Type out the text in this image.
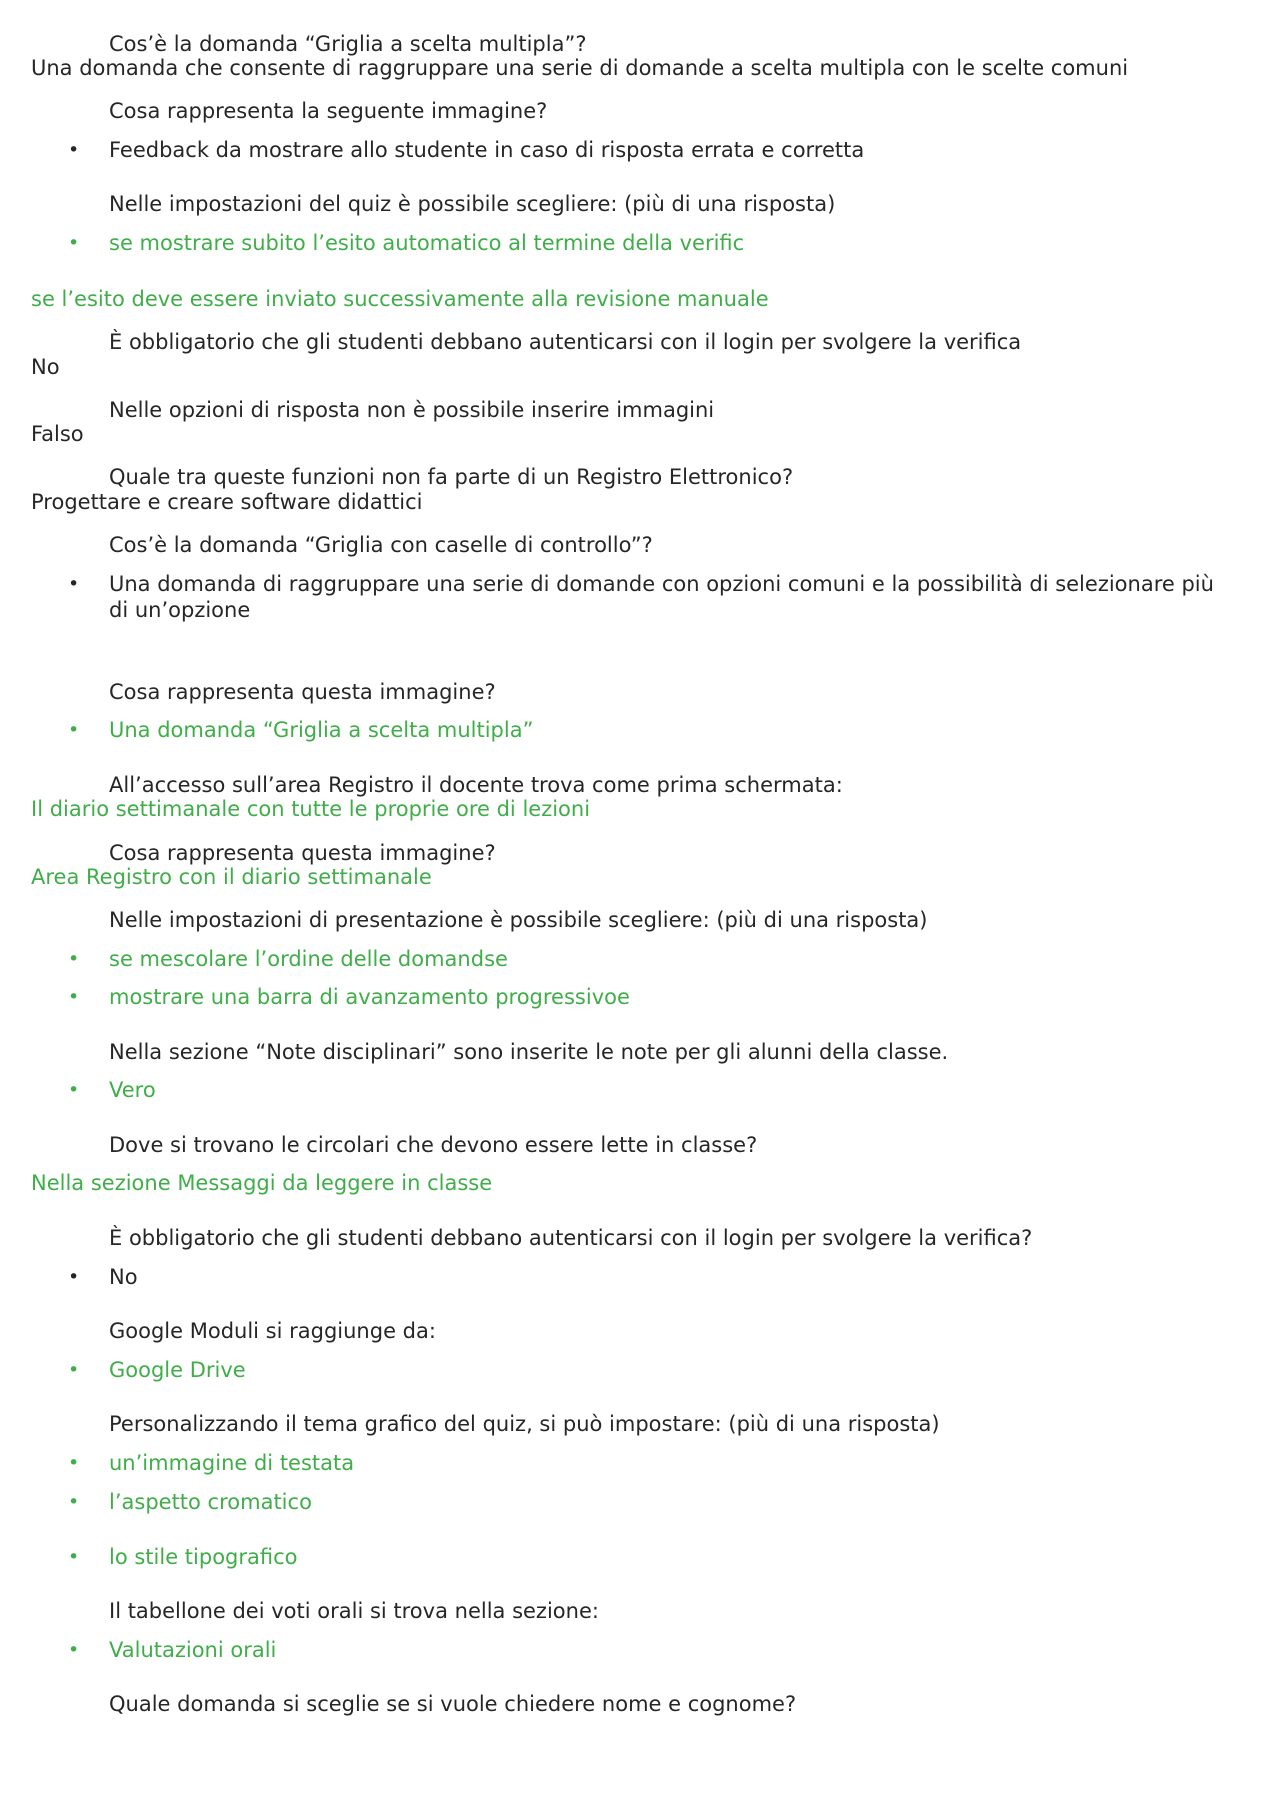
Cos’è la domanda “Griglia a scelta multipla”?
Una domanda che consente di raggruppare una serie di domande a scelta multipla con le scelte comuni
Cosa rappresenta la seguente immagine?
• Feedback da mostrare allo studente in caso di risposta errata e corretta
Nelle impostazioni del quiz è possibile scegliere: (più di una risposta)
• se mostrare subito l’esito automatico al termine della verific
se l’esito deve essere inviato successivamente alla revisione manuale
È obbligatorio che gli studenti debbano autenticarsi con il login per svolgere la verifica
No
Nelle opzioni di risposta non è possibile inserire immagini
Falso
Quale tra queste funzioni non fa parte di un Registro Elettronico?
Progettare e creare software didattici
Cos’è la domanda “Griglia con caselle di controllo”?
• Una domanda di raggruppare una serie di domande con opzioni comuni e la possibilità di selezionare più di un’opzione
Cosa rappresenta questa immagine?
• Una domanda “Griglia a scelta multipla”
All’accesso sull’area Registro il docente trova come prima schermata:
Il diario settimanale con tutte le proprie ore di lezioni
Cosa rappresenta questa immagine?
Area Registro con il diario settimanale
Nelle impostazioni di presentazione è possibile scegliere: (più di una risposta)
• se mescolare l’ordine delle domandse
• mostrare una barra di avanzamento progressivoe
Nella sezione “Note disciplinari” sono inserite le note per gli alunni della classe.
• Vero
Dove si trovano le circolari che devono essere lette in classe?
Nella sezione Messaggi da leggere in classe
È obbligatorio che gli studenti debbano autenticarsi con il login per svolgere la verifica?
• No
Google Moduli si raggiunge da:
• Google Drive
Personalizzando il tema grafico del quiz, si può impostare: (più di una risposta)
• un’immagine di testata
• l’aspetto cromatico
• lo stile tipografico
Il tabellone dei voti orali si trova nella sezione:
• Valutazioni orali
Quale domanda si sceglie se si vuole chiedere nome e cognome?
